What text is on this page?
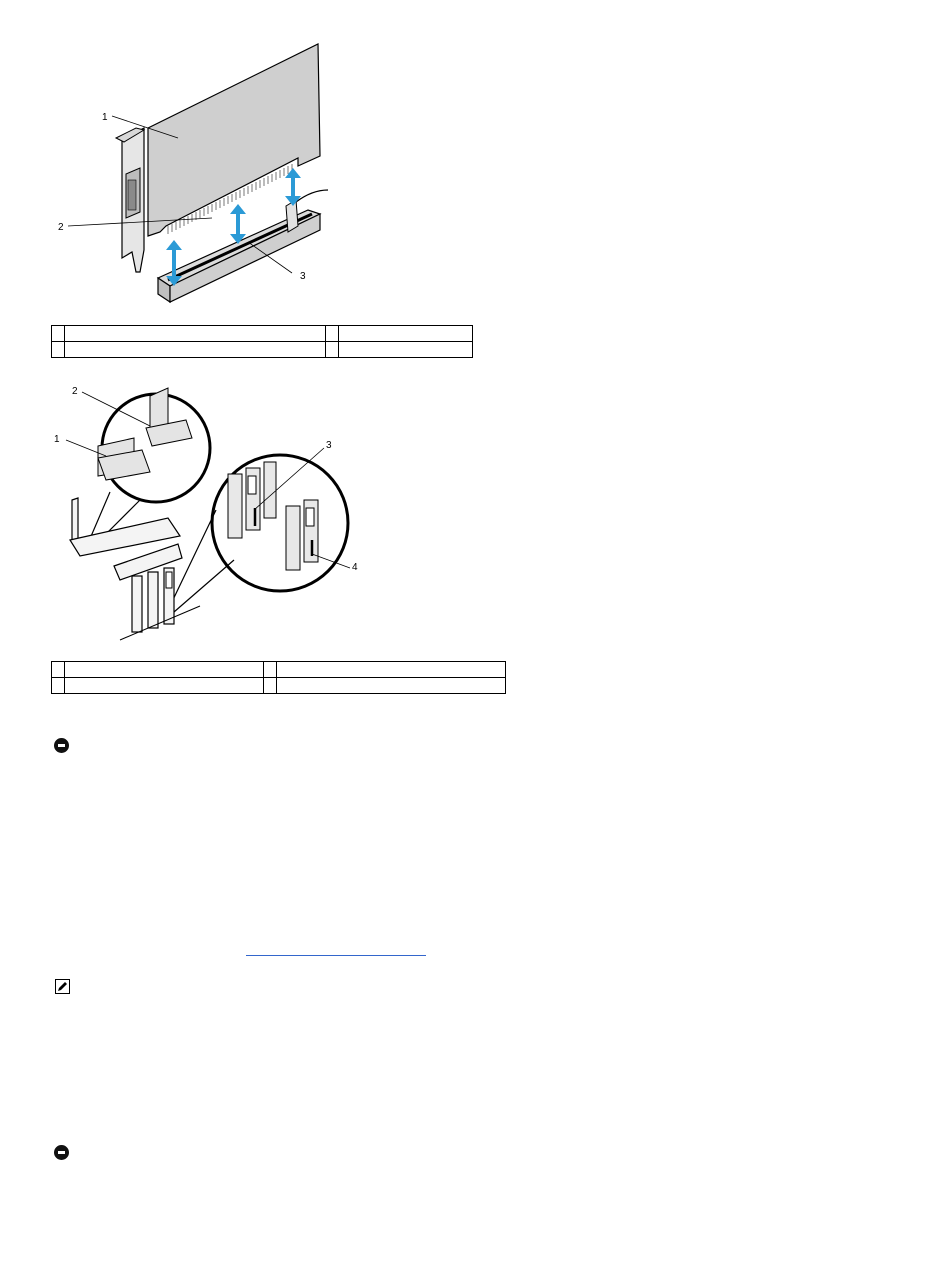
1
2
3

1
2
3
4
